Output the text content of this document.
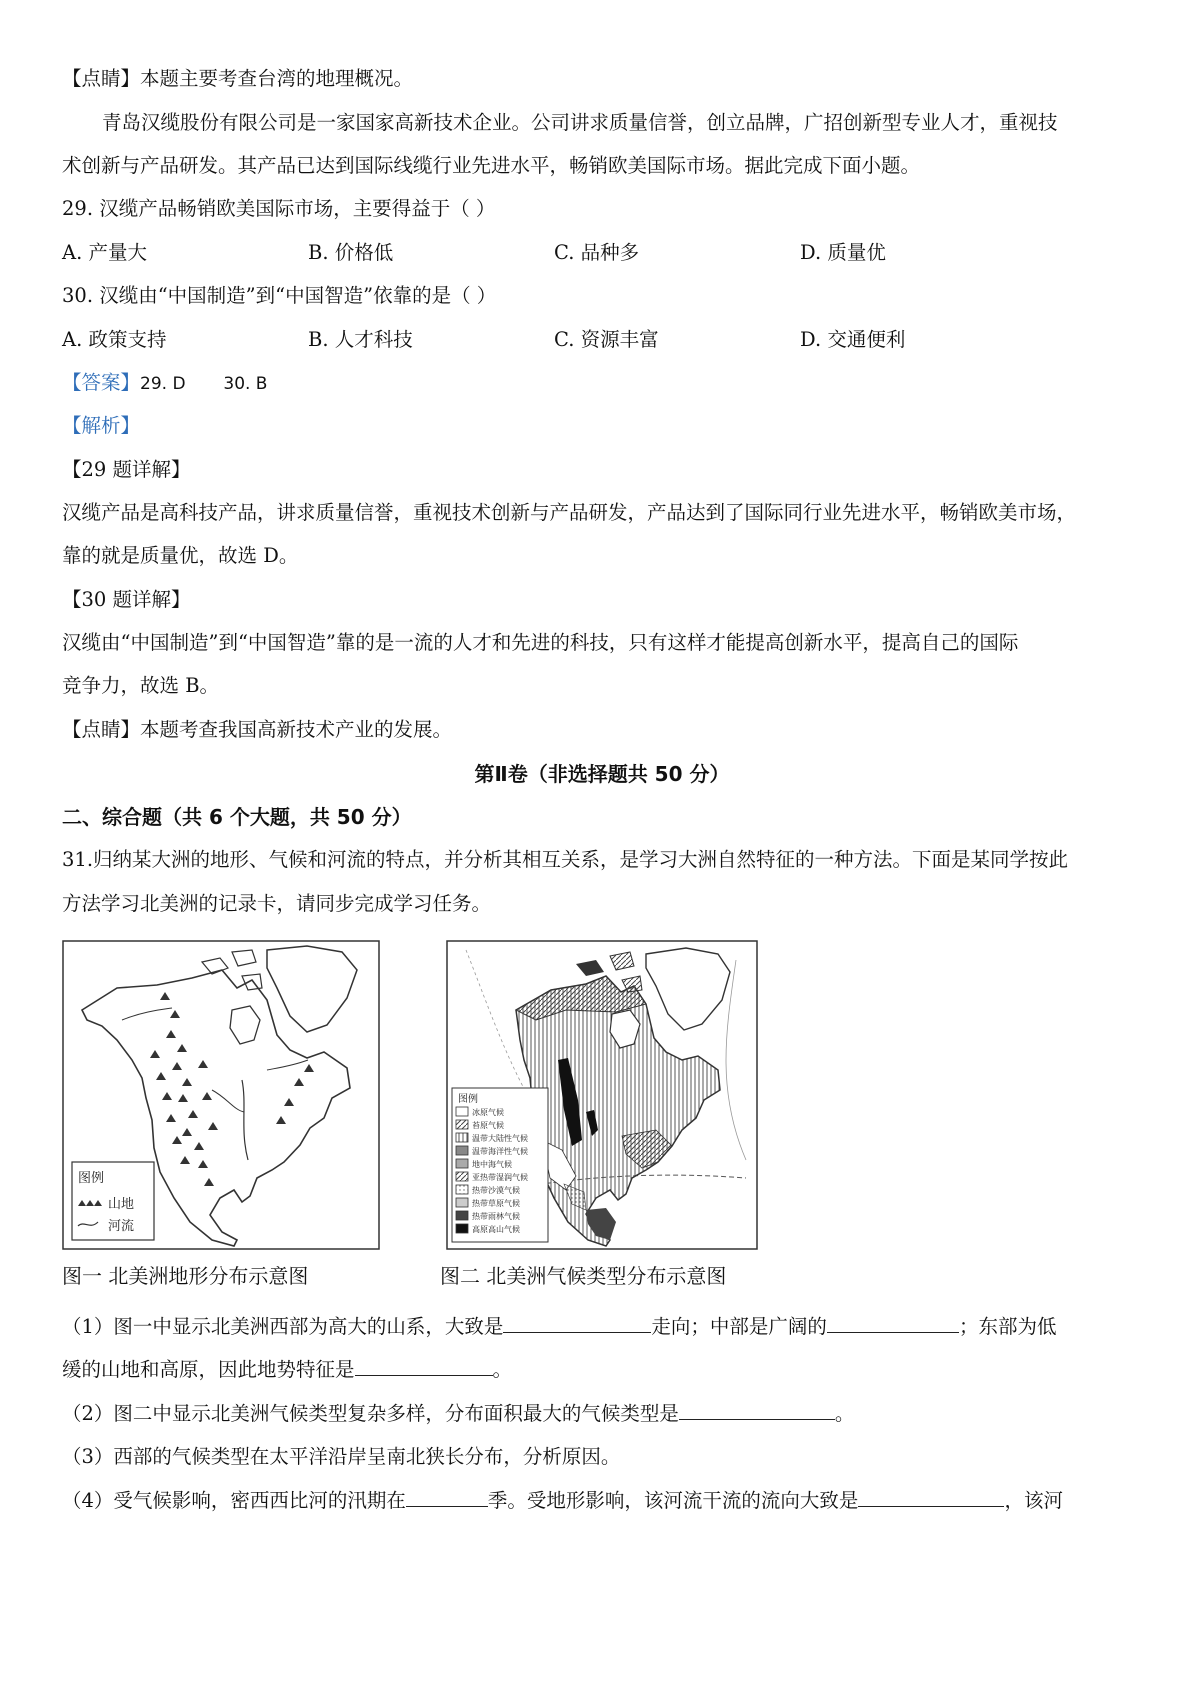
【点睛】本题主要考查台湾的地理概况。
青岛汉缆股份有限公司是一家国家高新技术企业。公司讲求质量信誉，创立品牌，广招创新型专业人才，重视技
术创新与产品研发。其产品已达到国际线缆行业先进水平，畅销欧美国际市场。据此完成下面小题。
29. 汉缆产品畅销欧美国际市场，主要得益于（ ）
A. 产量大	B. 价格低	C. 品种多	D. 质量优
30. 汉缆由“中国制造”到“中国智造”依靠的是（ ）
A. 政策支持	B. 人才科技	C. 资源丰富	D. 交通便利
【答案】29. D       30. B
【解析】
【29 题详解】
汉缆产品是高科技产品，讲求质量信誉，重视技术创新与产品研发，产品达到了国际同行业先进水平，畅销欧美市场，
靠的就是质量优，故选 D。
【30 题详解】
汉缆由“中国制造”到“中国智造”靠的是一流的人才和先进的科技，只有这样才能提高创新水平，提高自己的国际
竞争力，故选 B。
【点睛】本题考查我国高新技术产业的发展。
第Ⅱ卷（非选择题共 50 分）
二、综合题（共 6 个大题，共 50 分）
31.归纳某大洲的地形、气候和河流的特点，并分析其相互关系，是学习大洲自然特征的一种方法。下面是某同学按此
方法学习北美洲的记录卡，请同步完成学习任务。
图例
山地
河流
图一 北美洲地形分布示意图
图例
冰原气候
苔原气候
温带大陆性气候
温带海洋性气候
地中海气候
亚热带湿润气候
热带沙漠气候
热带草原气候
热带雨林气候
高原高山气候
图二 北美洲气候类型分布示意图
（1）图一中显示北美洲西部为高大的山系，大致是	走向；中部是广阔的	；东部为低
缓的山地和高原，因此地势特征是	。
（2）图二中显示北美洲气候类型复杂多样，分布面积最大的气候类型是	。
（3）西部的气候类型在太平洋沿岸呈南北狭长分布，分析原因。
（4）受气候影响，密西西比河的汛期在	季。受地形影响，该河流干流的流向大致是	，该河
